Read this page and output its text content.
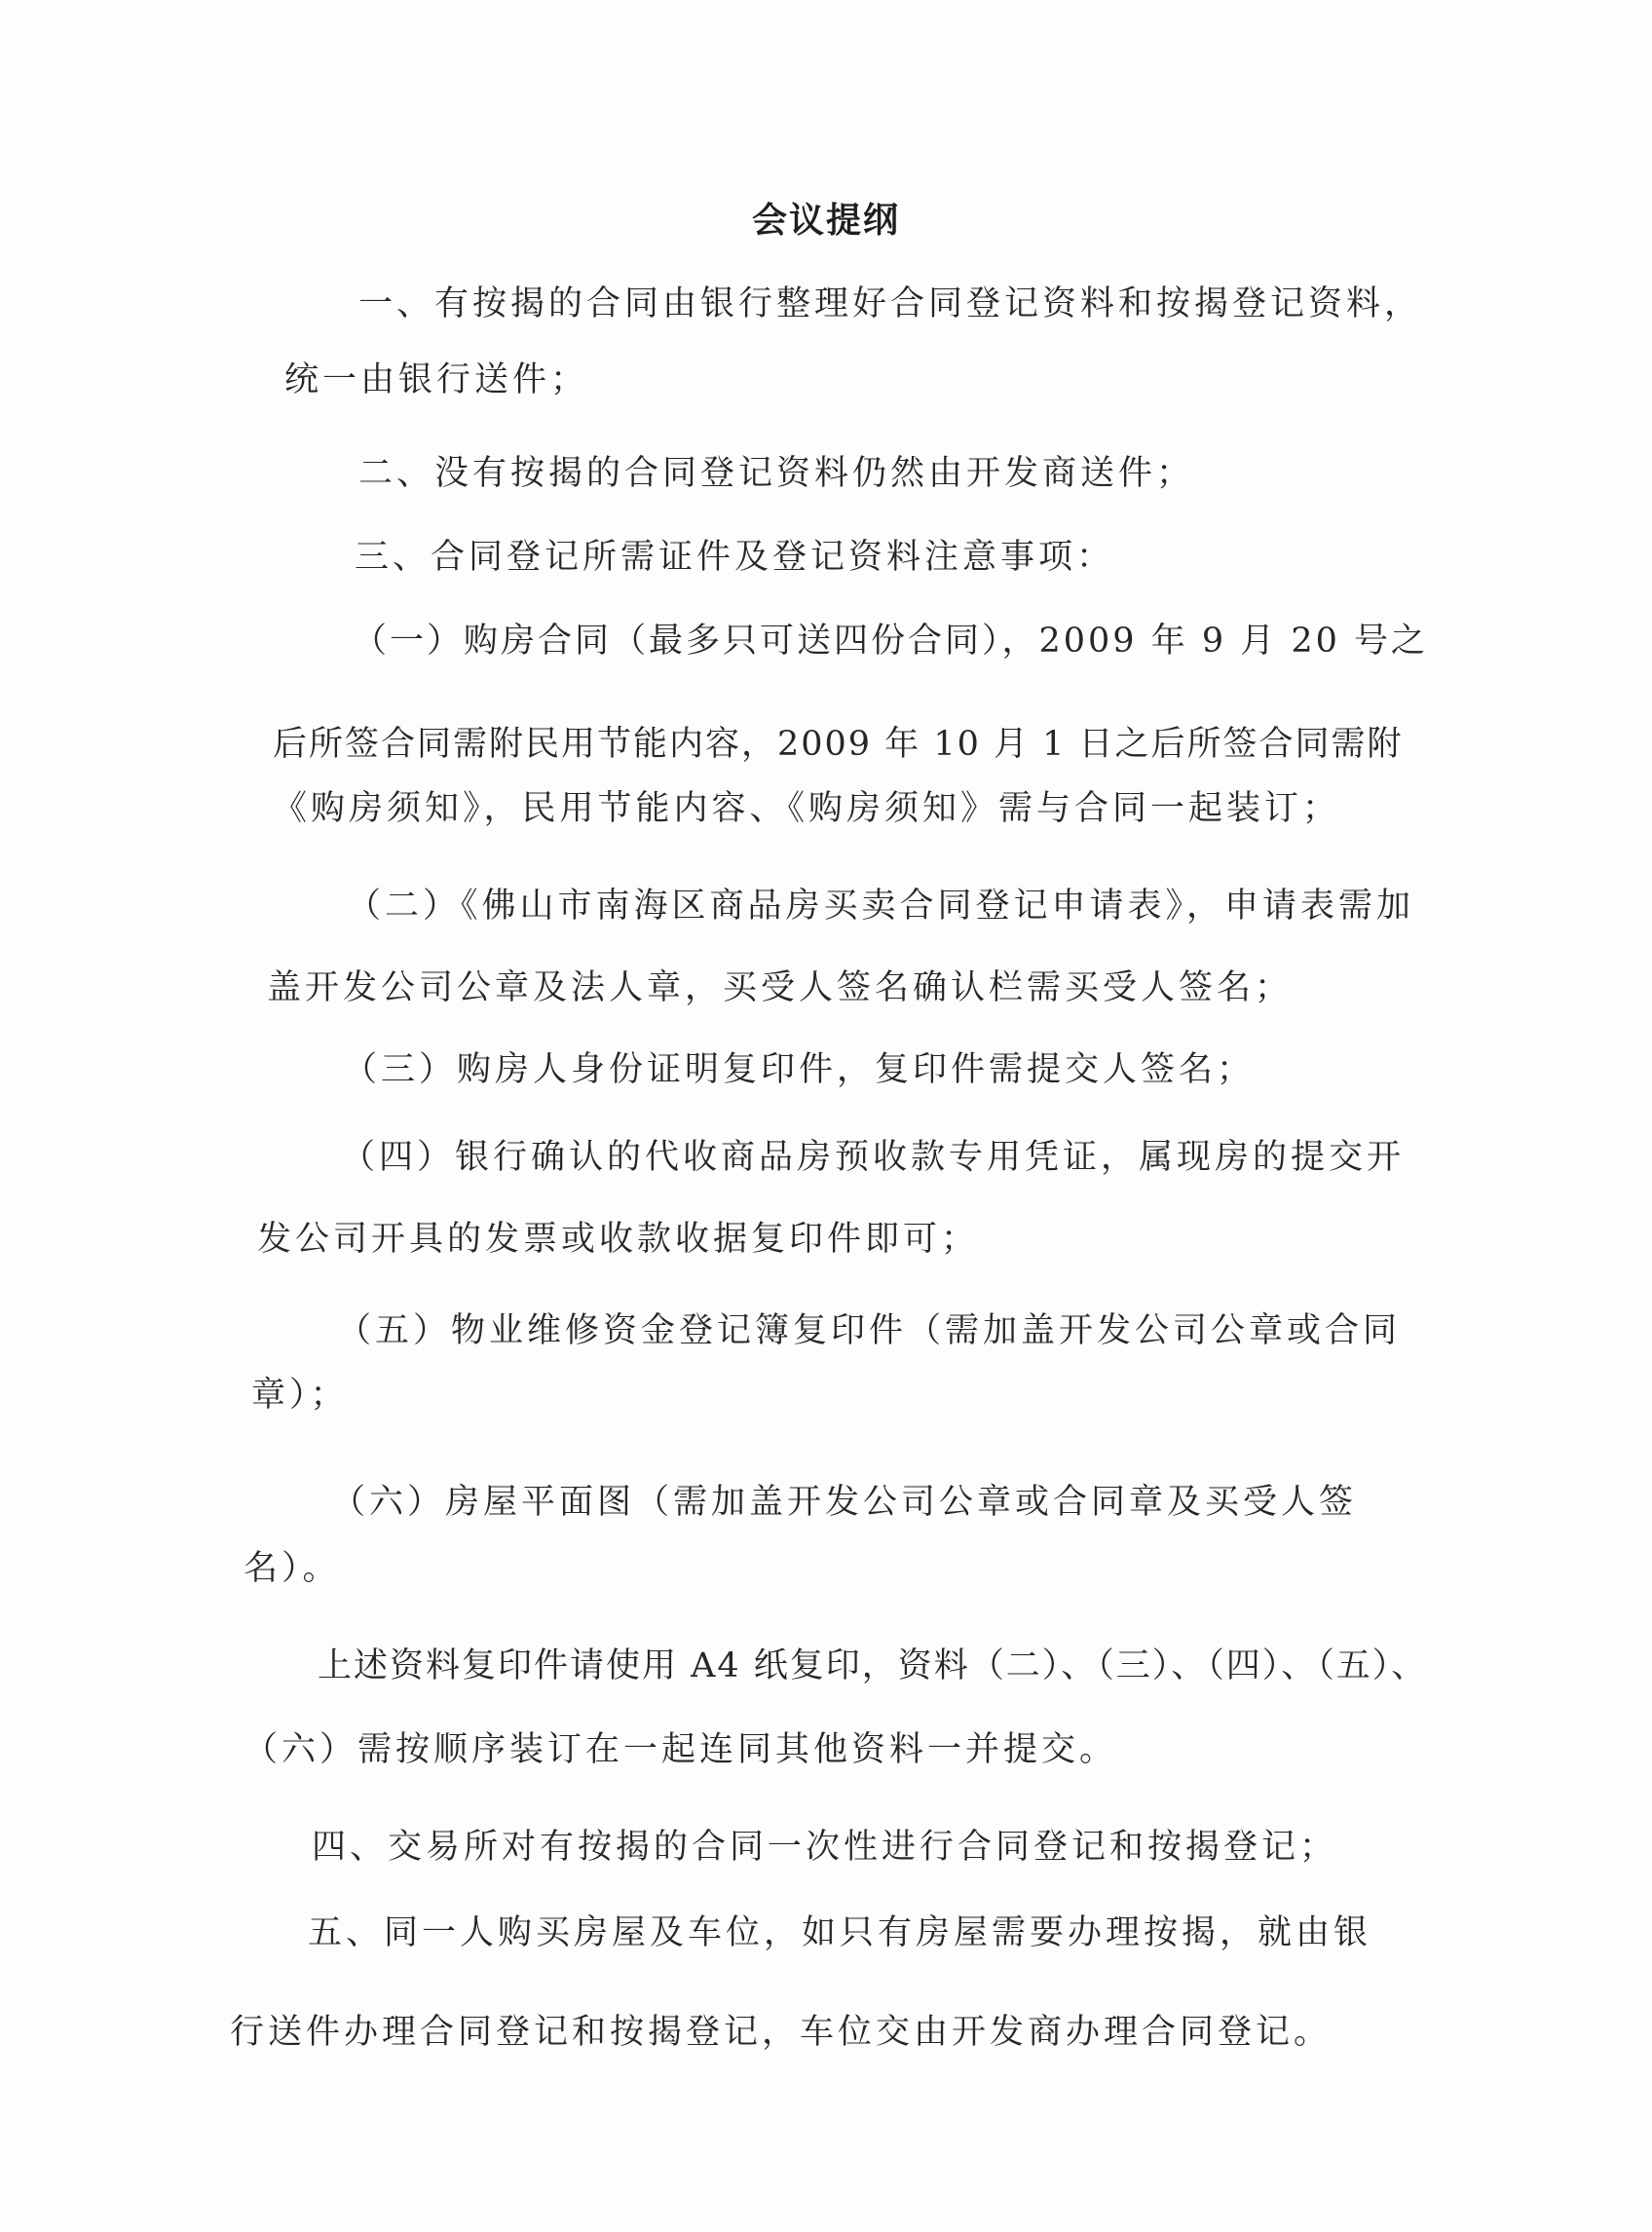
会议提纲

一、有按揭的合同由银行整理好合同登记资料和按揭登记资料，

统一由银行送件；

二、没有按揭的合同登记资料仍然由开发商送件；

三、合同登记所需证件及登记资料注意事项：

（一）购房合同（最多只可送四份合同），2009 年 9 月 20 号之

后所签合同需附民用节能内容，2009 年 10 月 1 日之后所签合同需附

《购房须知》，民用节能内容、《购房须知》需与合同一起装订；

（二）《佛山市南海区商品房买卖合同登记申请表》，申请表需加

盖开发公司公章及法人章，买受人签名确认栏需买受人签名；

（三）购房人身份证明复印件，复印件需提交人签名；

（四）银行确认的代收商品房预收款专用凭证，属现房的提交开

发公司开具的发票或收款收据复印件即可；

（五）物业维修资金登记簿复印件（需加盖开发公司公章或合同

章）；

（六）房屋平面图（需加盖开发公司公章或合同章及买受人签

名）。

上述资料复印件请使用 A4 纸复印，资料（二）、（三）、（四）、（五）、

（六）需按顺序装订在一起连同其他资料一并提交。

四、交易所对有按揭的合同一次性进行合同登记和按揭登记；

五、同一人购买房屋及车位，如只有房屋需要办理按揭，就由银

行送件办理合同登记和按揭登记，车位交由开发商办理合同登记。
